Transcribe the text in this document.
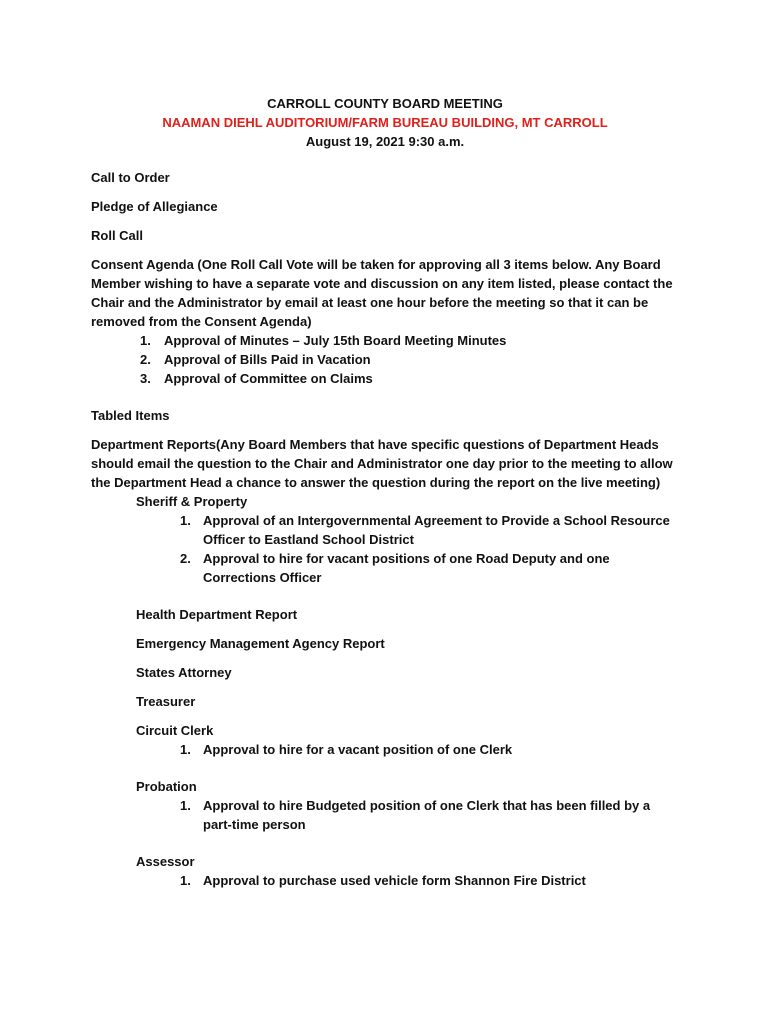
CARROLL COUNTY BOARD MEETING
NAAMAN DIEHL AUDITORIUM/FARM BUREAU BUILDING, MT CARROLL
August 19, 2021 9:30 a.m.

Call to Order

Pledge of Allegiance

Roll Call

Consent Agenda (One Roll Call Vote will be taken for approving all 3 items below. Any Board Member wishing to have a separate vote and discussion on any item listed, please contact the Chair and the Administrator by email at least one hour before the meeting so that it can be removed from the Consent Agenda)

1. Approval of Minutes – July 15th Board Meeting Minutes
2. Approval of Bills Paid in Vacation
3. Approval of Committee on Claims

Tabled Items

Department Reports(Any Board Members that have specific questions of Department Heads should email the question to the Chair and Administrator one day prior to the meeting to allow the Department Head a chance to answer the question during the report on the live meeting)

Sheriff & Property

1. Approval of an Intergovernmental Agreement to Provide a School Resource Officer to Eastland School District
2. Approval to hire for vacant positions of one Road Deputy and one Corrections Officer

Health Department Report

Emergency Management Agency Report

States Attorney

Treasurer

Circuit Clerk

1. Approval to hire for a vacant position of one Clerk

Probation

1. Approval to hire Budgeted position of one Clerk that has been filled by a part-time person

Assessor

1. Approval to purchase used vehicle form Shannon Fire District
